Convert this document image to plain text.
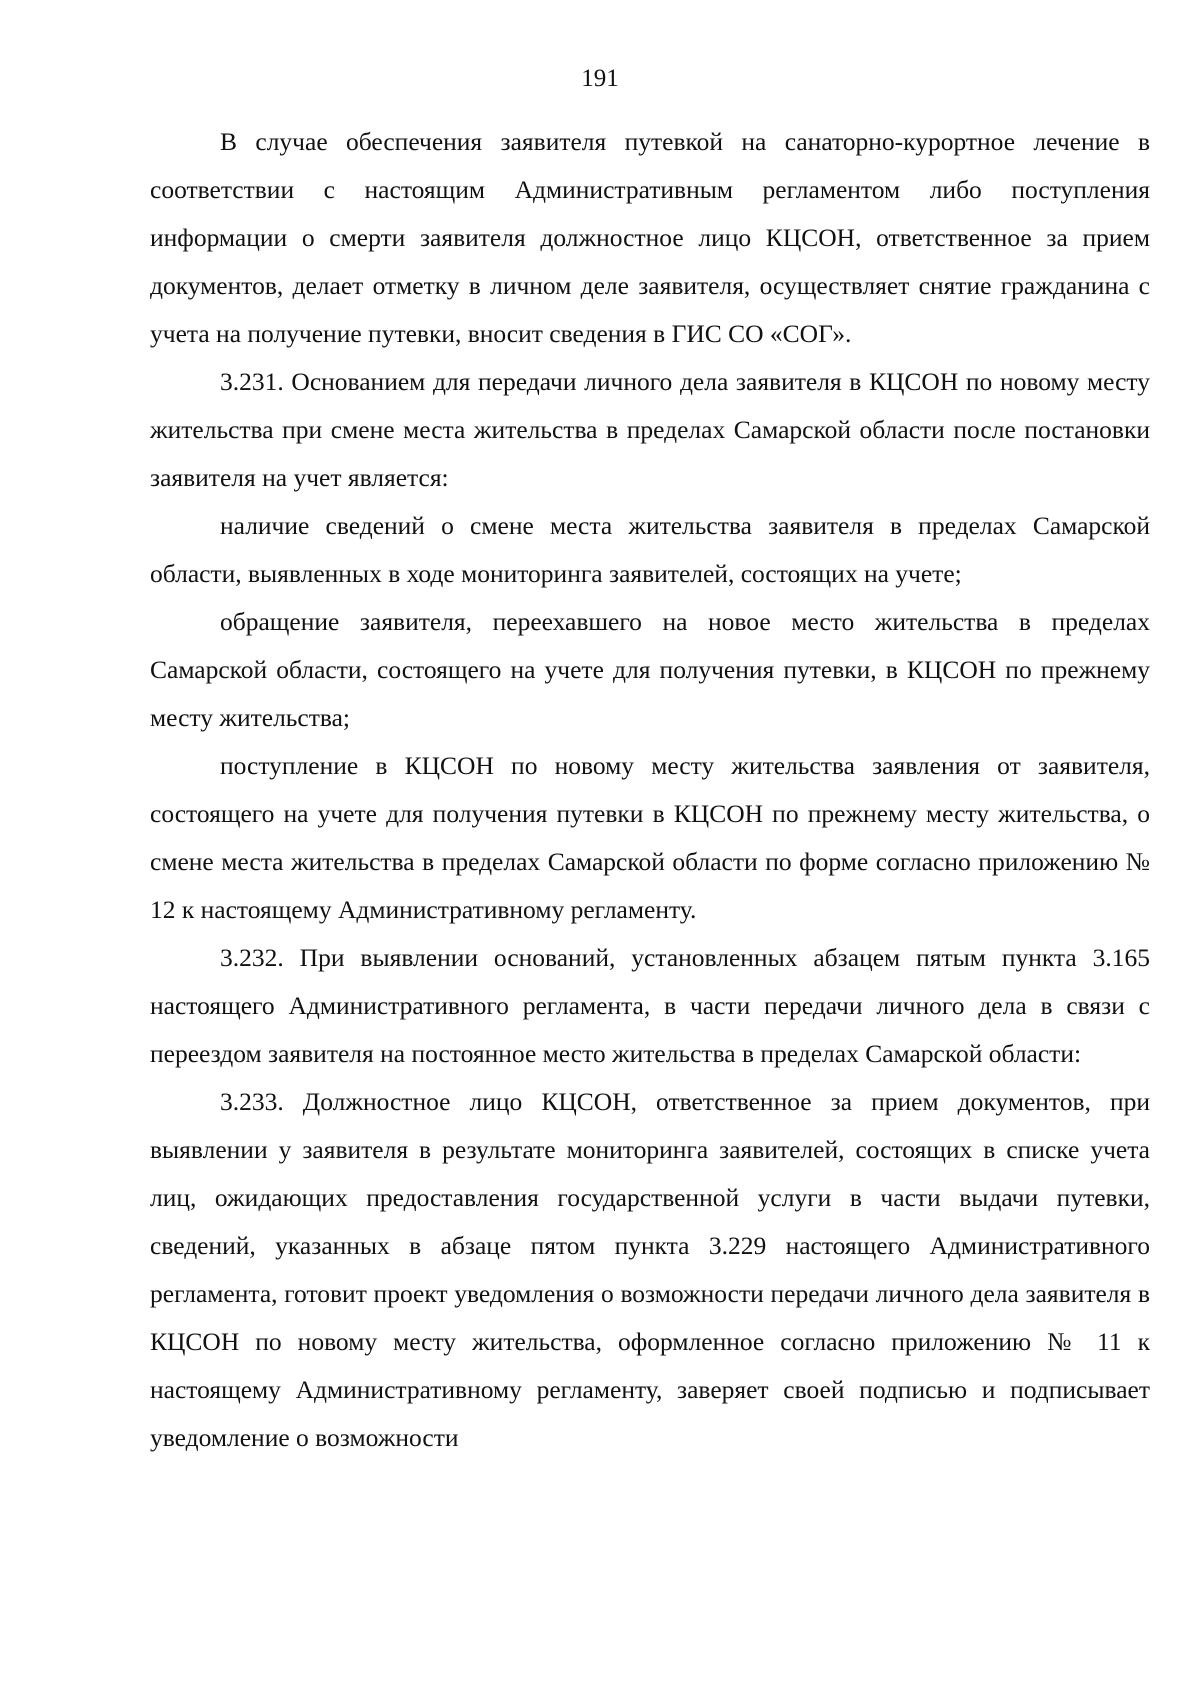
191

В случае обеспечения заявителя путевкой на санаторно-курортное лечение в соответствии с настоящим Административным регламентом либо поступления информации о смерти заявителя должностное лицо КЦСОН, ответственное за прием документов, делает отметку в личном деле заявителя, осуществляет снятие гражданина с учета на получение путевки, вносит сведения в ГИС СО «СОГ».

3.231. Основанием для передачи личного дела заявителя в КЦСОН по новому месту жительства при смене места жительства в пределах Самарской области после постановки заявителя на учет является:

наличие сведений о смене места жительства заявителя в пределах Самарской области, выявленных в ходе мониторинга заявителей, состоящих на учете;

обращение заявителя, переехавшего на новое место жительства в пределах Самарской области, состоящего на учете для получения путевки, в КЦСОН по прежнему месту жительства;

поступление в КЦСОН по новому месту жительства заявления от заявителя, состоящего на учете для получения путевки в КЦСОН по прежнему месту жительства, о смене места жительства в пределах Самарской области по форме согласно приложению № 12 к настоящему Административному регламенту.

3.232. При выявлении оснований, установленных абзацем пятым пункта 3.165 настоящего Административного регламента, в части передачи личного дела в связи с переездом заявителя на постоянное место жительства в пределах Самарской области:

3.233. Должностное лицо КЦСОН, ответственное за прием документов, при выявлении у заявителя в результате мониторинга заявителей, состоящих в списке учета лиц, ожидающих предоставления государственной услуги в части выдачи путевки, сведений, указанных в абзаце пятом пункта 3.229 настоящего Административного регламента, готовит проект уведомления о возможности передачи личного дела заявителя в КЦСОН по новому месту жительства, оформленное согласно приложению № 11 к настоящему Административному регламенту, заверяет своей подписью и подписывает уведомление о возможности
